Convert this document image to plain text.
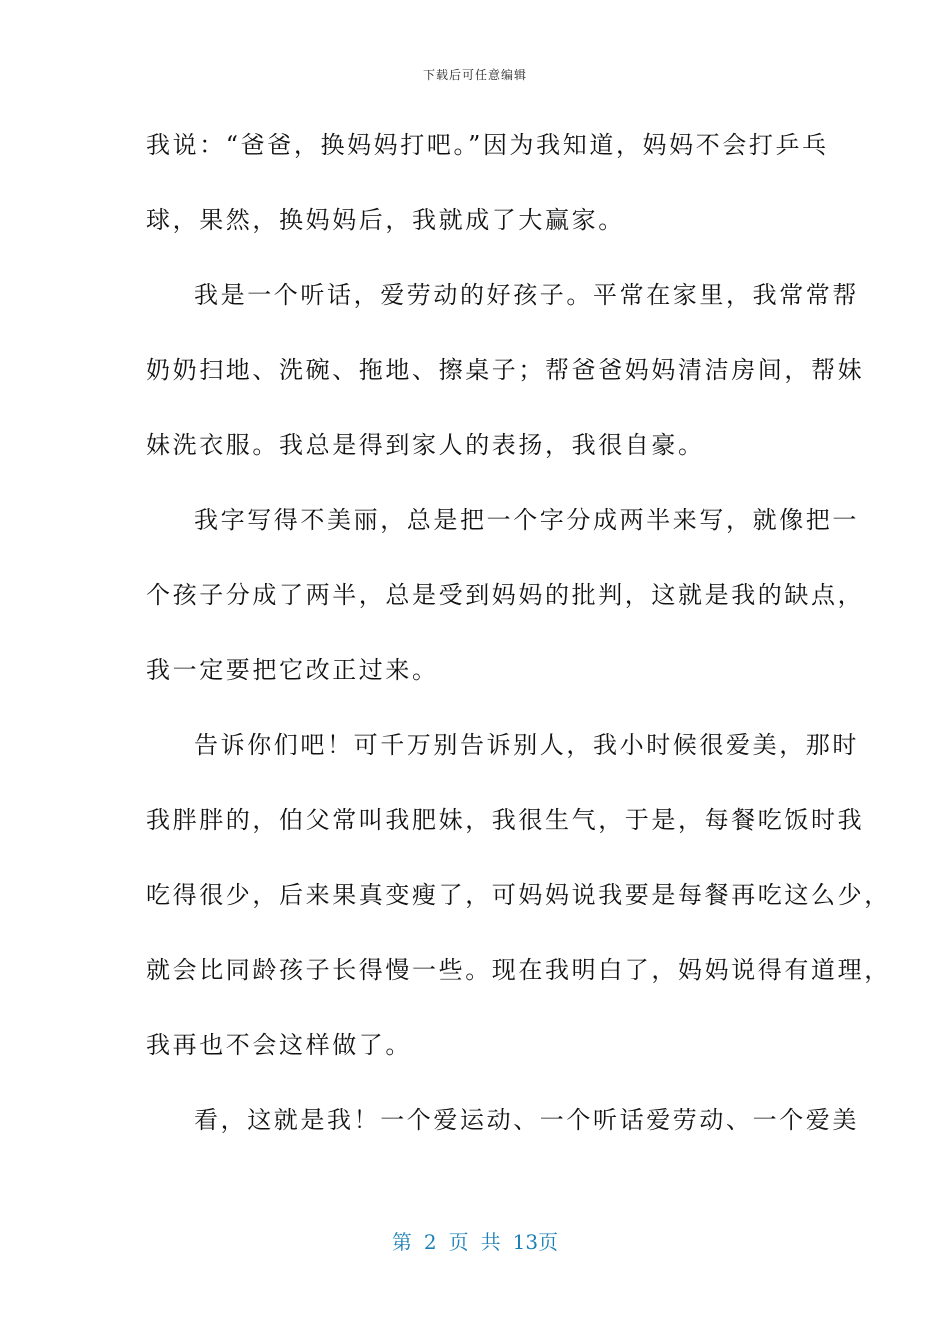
下载后可任意编辑
我说：“爸爸，换妈妈打吧。”因为我知道，妈妈不会打乒乓
球，果然，换妈妈后，我就成了大赢家。
我是一个听话，爱劳动的好孩子。平常在家里，我常常帮
奶奶扫地、洗碗、拖地、擦桌子；帮爸爸妈妈清洁房间，帮妹
妹洗衣服。我总是得到家人的表扬，我很自豪。
我字写得不美丽，总是把一个字分成两半来写，就像把一
个孩子分成了两半，总是受到妈妈的批判，这就是我的缺点，
我一定要把它改正过来。
告诉你们吧！可千万别告诉别人，我小时候很爱美，那时
我胖胖的，伯父常叫我肥妹，我很生气，于是，每餐吃饭时我
吃得很少，后来果真变瘦了，可妈妈说我要是每餐再吃这么少，
就会比同龄孩子长得慢一些。现在我明白了，妈妈说得有道理，
我再也不会这样做了。
看，这就是我！一个爱运动、一个听话爱劳动、一个爱美
第 2 页 共 13页
